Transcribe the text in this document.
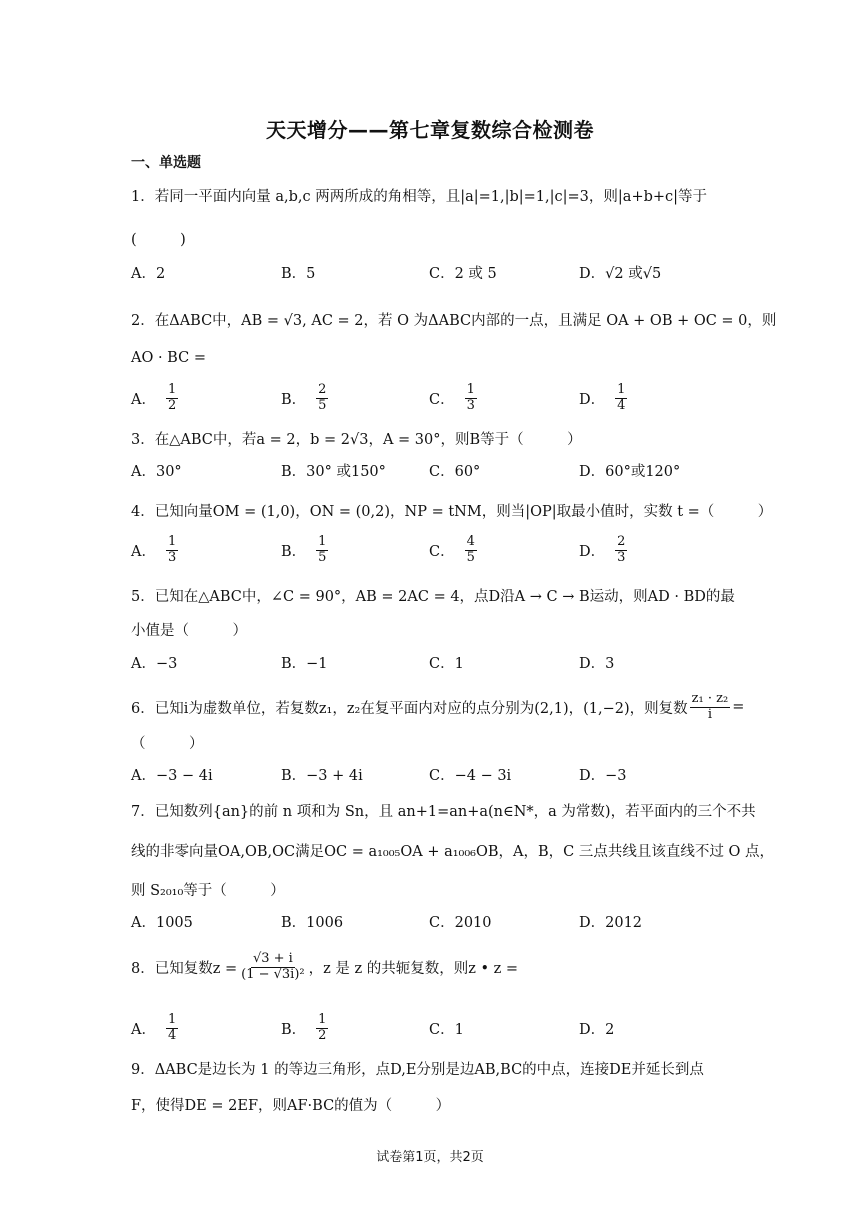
天天增分——第七章复数综合检测卷
一、单选题
1．若同一平面内向量 a,b,c 两两所成的角相等，且|a|=1,|b|=1,|c|=3，则|a+b+c|等于
(　　　)
A．2	B．5	C．2 或 5	D．√2 或√5
2．在ΔABC中，AB = √3, AC = 2，若 O 为ΔABC内部的一点，且满足 OA + OB + OC = 0，则
AO · BC =
A． $\frac{1}{2}$	B． $\frac{2}{5}$	C． $\frac{1}{3}$	D． $\frac{1}{4}$
3．在△ABC中，若a = 2，b = 2√3，A = 30°，则B等于（　　　）
A．30°	B．30° 或150°	C．60°	D．60°或120°
4．已知向量OM = (1,0)，ON = (0,2)，NP = tNM，则当|OP|取最小值时，实数 t =（　　　）
A． $\frac{1}{3}$	B． $\frac{1}{5}$	C． $\frac{4}{5}$	D． $\frac{2}{3}$
5．已知在△ABC中，∠C = 90°，AB = 2AC = 4，点D沿A → C → B运动，则AD · BD的最
小值是（　　　）
A．−3	B．−1	C．1	D．3
6．已知i为虚数单位，若复数z₁，z₂在复平面内对应的点分别为(2,1)，(1,−2)，则复数 $\frac{\text{z₁ · z₂}}{i}$ =
（　　　）
A．−3 − 4i	B．−3 + 4i	C．−4 − 3i	D．−3
7．已知数列{an}的前 n 项和为 Sn，且 an+1=an+a(n∈N*，a 为常数)，若平面内的三个不共
线的非零向量OA,OB,OC满足OC = a₁₀₀₅OA + a₁₀₀₆OB，A，B，C 三点共线且该直线不过 O 点，
则 S₂₀₁₀等于（　　　）
A．1005	B．1006	C．2010	D．2012
8．已知复数$z = \frac{√3 + i}{\text{(1 − √3i)²}}$ ，z 是 z 的共轭复数，则z • z =
A． $\frac{1}{4}$	B． $\frac{1}{2}$	C．1	D．2
9．ΔABC是边长为 1 的等边三角形，点D,E分别是边AB,BC的中点，连接DE并延长到点
F，使得DE = 2EF，则AF·BC的值为（　　　）
试卷第1页，共2页
